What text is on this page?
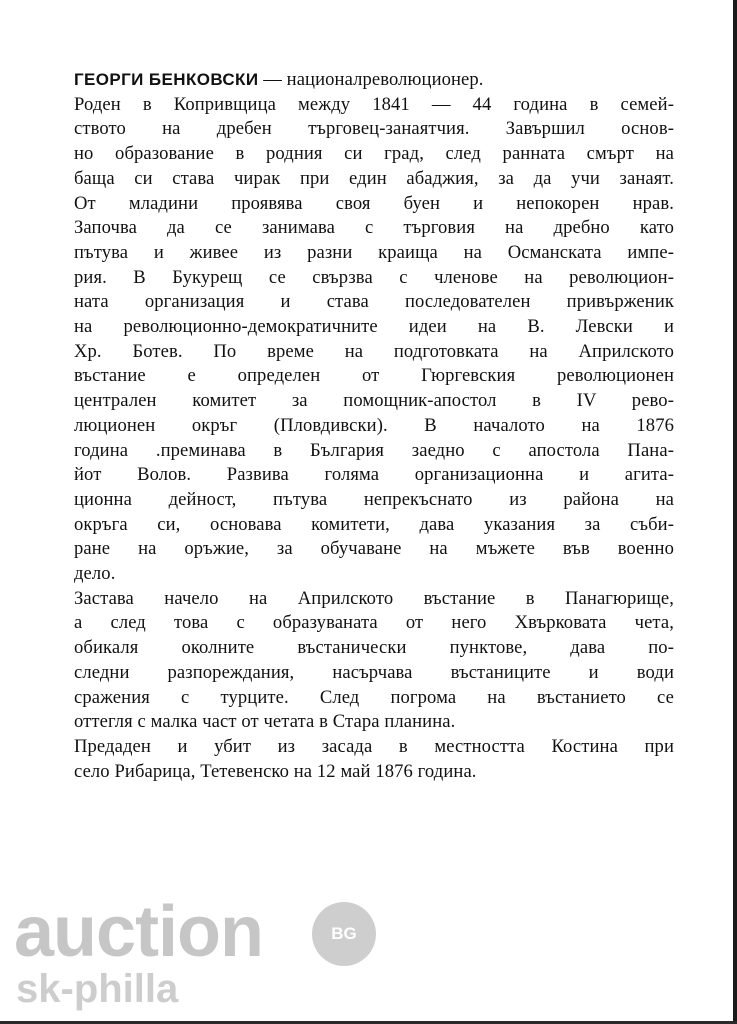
ГЕОРГИ БЕНКОВСКИ — националреволюционер.
Роден в Копривщица между 1841 — 44 година в семей-
ството на дребен търговец-занаятчия. Завършил основ-
но образование в родния си град, след ранната смърт на
баща си става чирак при един абаджия, за да учи занаят.
От младини проявява своя буен и непокорен нрав.
Започва да се занимава с търговия на дребно като
пътува и живее из разни краища на Османската импе-
рия. В Букурещ се свързва с членове на революцион-
ната организация и става последователен привърженик
на революционно-демократичните идеи на В. Левски и
Хр. Ботев. По време на подготовката на Априлското
въстание е определен от Гюргевския революционен
централен комитет за помощник-апостол в IV рево-
люционен окръг (Пловдивски). В началото на 1876
година .преминава в България заедно с апостола Пана-
йот Волов. Развива голяма организационна и агита-
ционна дейност, пътува непрекъснато из района на
окръга си, основава комитети, дава указания за съби-
ране на оръжие, за обучаване на мъжете във военно
дело.
Застава начело на Априлското въстание в Панагюрище,
а след това с образуваната от него Хвърковата чета,
обикаля околните въстанически пунктове, дава по-
следни разпореждания, насърчава въстаниците и води
сражения с турците. След погрома на въстанието се
оттегля с малка част от четата в Стара планина.
Предаден и убит из засада в местността Костина при
село Рибарица, Тетевенско на 12 май 1876 година.
auction	BG
sk-philla
